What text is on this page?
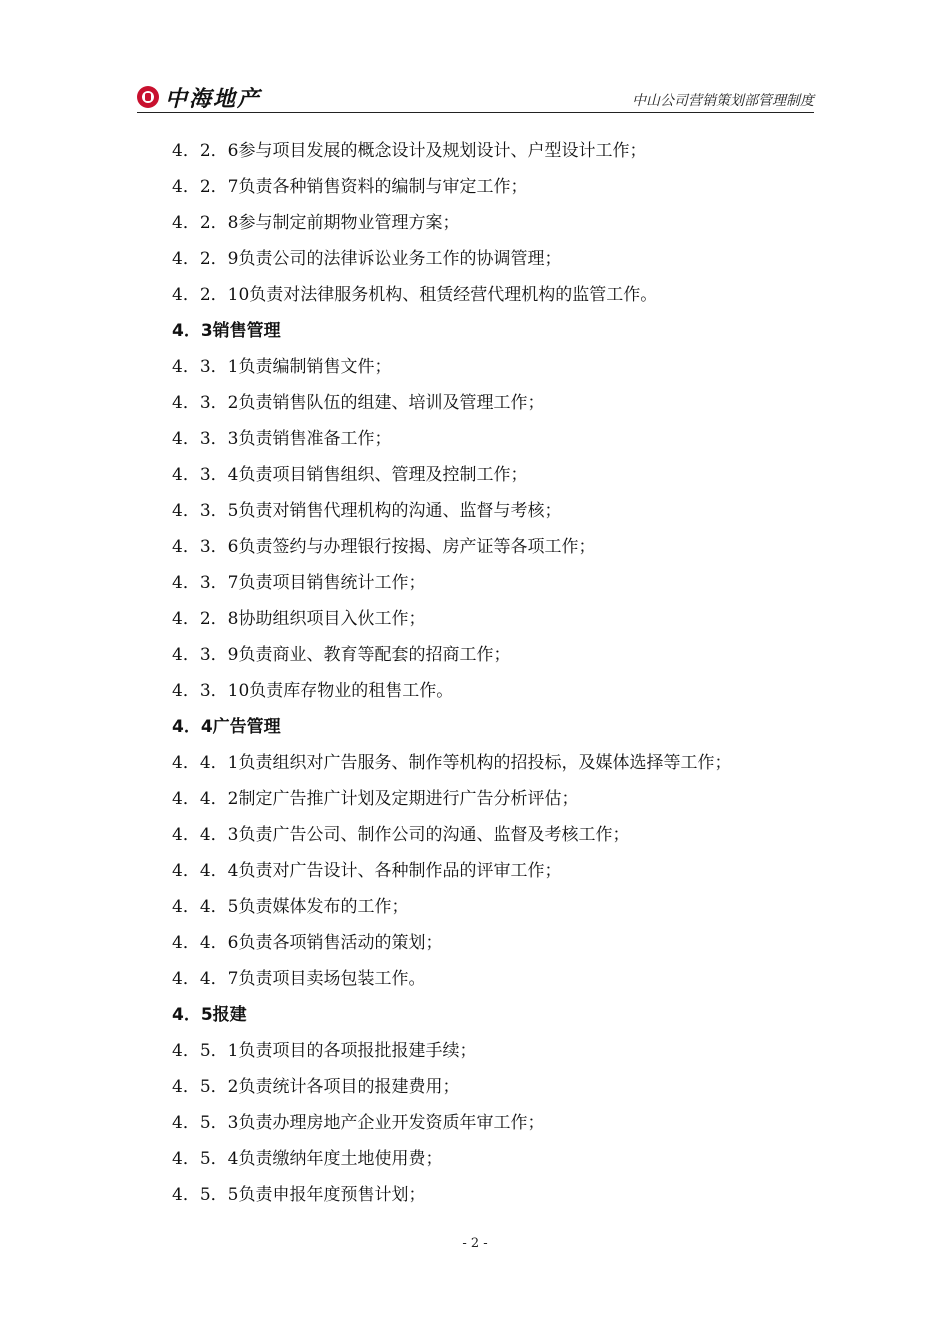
中海地产	中山公司营销策划部管理制度
4．2．6参与项目发展的概念设计及规划设计、户型设计工作；
4．2．7负责各种销售资料的编制与审定工作；
4．2．8参与制定前期物业管理方案；
4．2．9负责公司的法律诉讼业务工作的协调管理；
4．2．10负责对法律服务机构、租赁经营代理机构的监管工作。
4．3销售管理
4．3．1负责编制销售文件；
4．3．2负责销售队伍的组建、培训及管理工作；
4．3．3负责销售准备工作；
4．3．4负责项目销售组织、管理及控制工作；
4．3．5负责对销售代理机构的沟通、监督与考核；
4．3．6负责签约与办理银行按揭、房产证等各项工作；
4．3．7负责项目销售统计工作；
4．2．8协助组织项目入伙工作；
4．3．9负责商业、教育等配套的招商工作；
4．3．10负责库存物业的租售工作。
4．4广告管理
4．4．1负责组织对广告服务、制作等机构的招投标，及媒体选择等工作；
4．4．2制定广告推广计划及定期进行广告分析评估；
4．4．3负责广告公司、制作公司的沟通、监督及考核工作；
4．4．4负责对广告设计、各种制作品的评审工作；
4．4．5负责媒体发布的工作；
4．4．6负责各项销售活动的策划；
4．4．7负责项目卖场包装工作。
4．5报建
4．5．1负责项目的各项报批报建手续；
4．5．2负责统计各项目的报建费用；
4．5．3负责办理房地产企业开发资质年审工作；
4．5．4负责缴纳年度土地使用费；
4．5．5负责申报年度预售计划；
- 2 -
